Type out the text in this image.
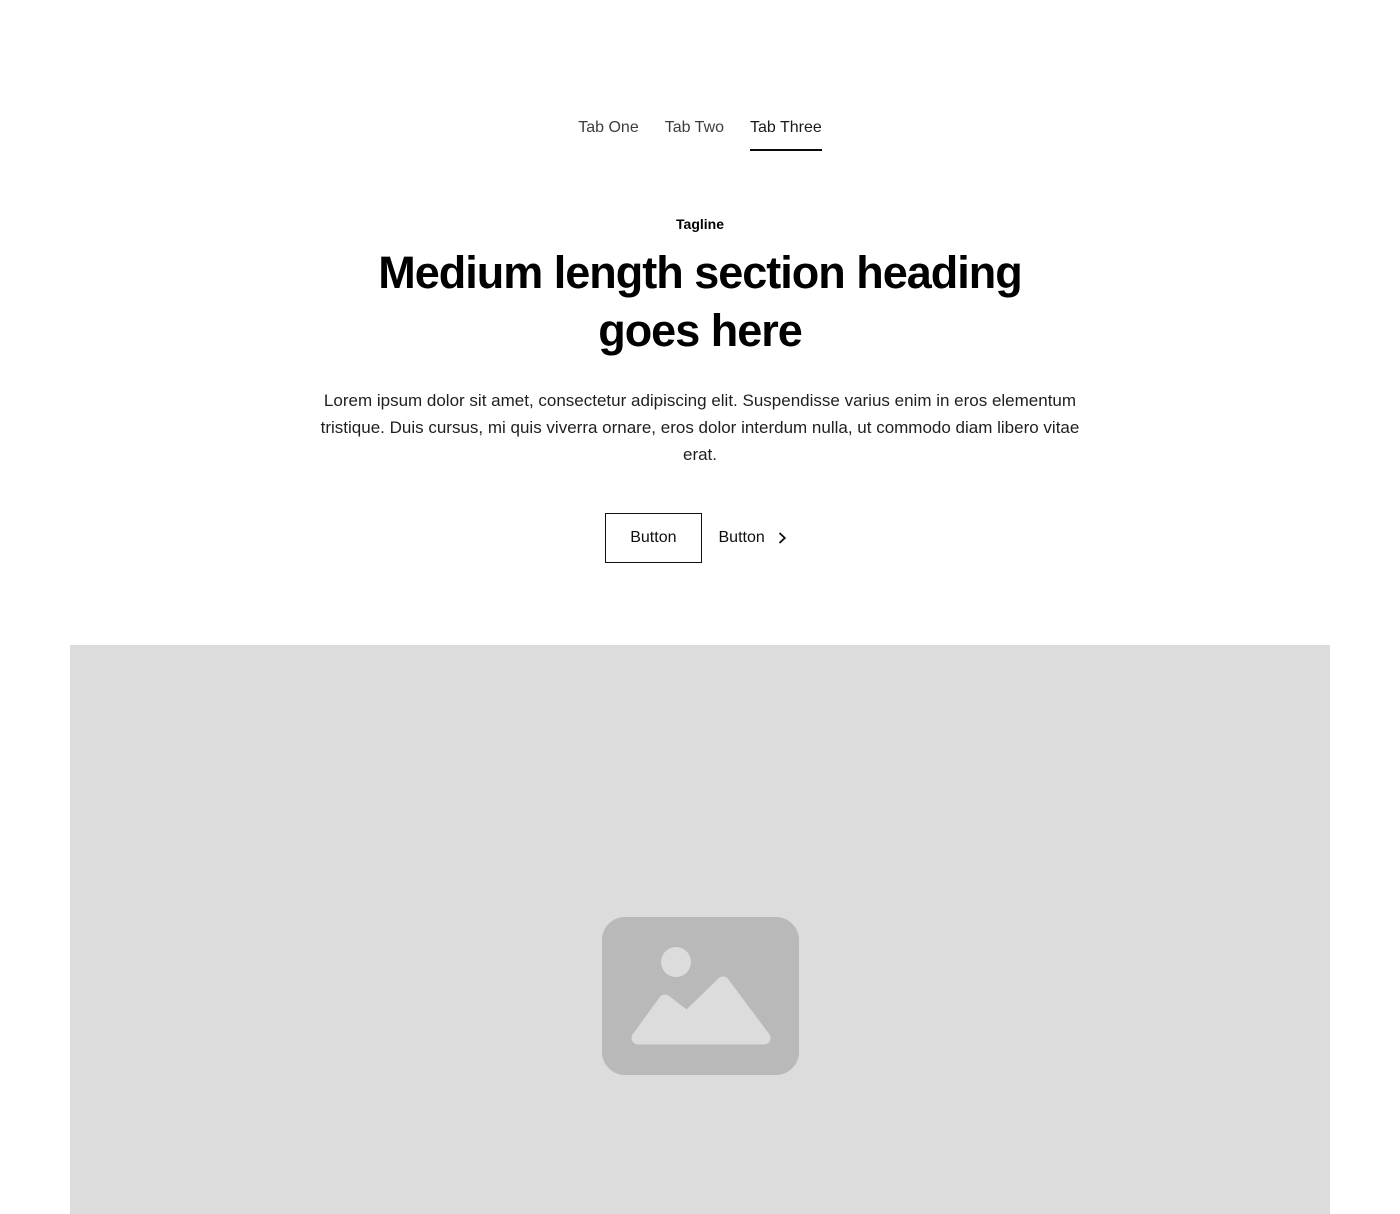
Tab One Tab Two Tab Three
Tagline
Medium length section heading goes here

Lorem ipsum dolor sit amet, consectetur adipiscing elit. Suspendisse varius enim in eros elementum tristique. Duis cursus, mi quis viverra ornare, eros dolor interdum nulla, ut commodo diam libero vitae erat.

Button	Button
